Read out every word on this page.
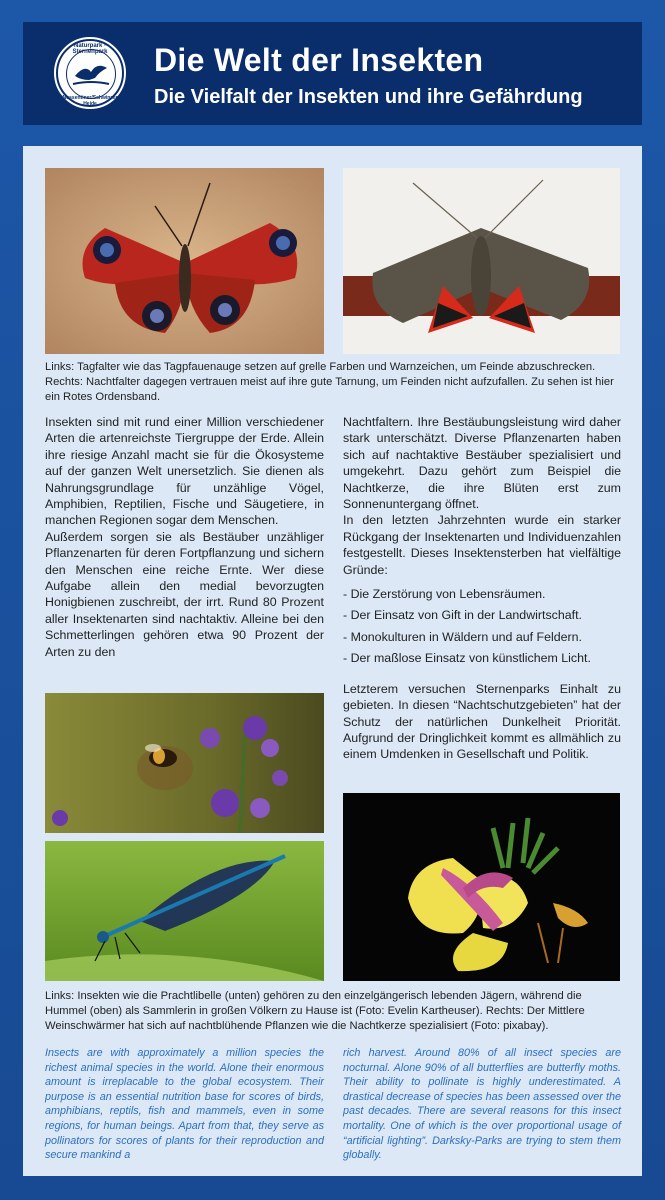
Naturpark · Sternenpark
Nossentiner/Schwinzer Heide
Die Welt der Insekten
Die Vielfalt der Insekten und ihre Gefährdung
Links: Tagfalter wie das Tagpfauenauge setzen auf grelle Farben und Warnzeichen, um Feinde abzuschrecken. Rechts: Nachtfalter dagegen vertrauen meist auf ihre gute Tarnung, um Feinden nicht aufzufallen. Zu sehen ist hier ein Rotes Ordensband.

Insekten sind mit rund einer Million verschiedener Arten die artenreichste Tiergruppe der Erde. Allein ihre riesige Anzahl macht sie für die Ökosysteme auf der ganzen Welt unersetzlich. Sie dienen als Nahrungsgrundlage für unzählige Vögel, Amphibien, Reptilien, Fische und Säugetiere, in manchen Regionen sogar dem Menschen.

Außerdem sorgen sie als Bestäuber unzähliger Pflanzenarten für deren Fortpflanzung und sichern den Menschen eine reiche Ernte. Wer diese Aufgabe allein den medial bevorzugten Honigbienen zuschreibt, der irrt. Rund 80 Prozent aller Insektenarten sind nachtaktiv. Alleine bei den Schmetterlingen gehören etwa 90 Prozent der Arten zu den

Nachtfaltern. Ihre Bestäubungsleistung wird daher stark unterschätzt. Diverse Pflanzenarten haben sich auf nachtaktive Bestäuber spezialisiert und umgekehrt. Dazu gehört zum Beispiel die Nachtkerze, die ihre Blüten erst zum Sonnenuntergang öffnet.

In den letzten Jahrzehnten wurde ein starker Rückgang der Insektenarten und Individuenzahlen festgestellt. Dieses Insektensterben hat vielfältige Gründe:

- Die Zerstörung von Lebensräumen.
- Der Einsatz von Gift in der Landwirtschaft.
- Monokulturen in Wäldern und auf Feldern.
- Der maßlose Einsatz von künstlichem Licht.

Letzterem versuchen Sternenparks Einhalt zu gebieten. In diesen “Nachtschutzgebieten” hat der Schutz der natürlichen Dunkelheit Priorität. Aufgrund der Dringlichkeit kommt es allmählich zu einem Umdenken in Gesellschaft und Politik.

Links: Insekten wie die Prachtlibelle (unten) gehören zu den einzelgängerisch lebenden Jägern, während die Hummel (oben) als Sammlerin in großen Völkern zu Hause ist (Foto: Evelin Kartheuser). Rechts: Der Mittlere Weinschwärmer hat sich auf nachtblühende Pflanzen wie die Nachtkerze spezialisiert (Foto: pixabay).
Insects are with approximately a million species the richest animal species in the world. Alone their enormous amount is irreplacable to the global ecosystem. Their purpose is an essential nutrition base for scores of birds, amphibians, reptils, fish and mammels, even in some regions, for human beings. Apart from that, they serve as pollinators for scores of plants for their reproduction and secure mankind a
rich harvest. Around 80% of all insect species are nocturnal. Alone 90% of all butterflies are butterfly moths. Their ability to pollinate is highly underestimated. A drastical decrease of species has been assessed over the past decades. There are several reasons for this insect mortality. One of which is the over proportional usage of “artificial lighting”. Darksky-Parks are trying to stem them globally.
